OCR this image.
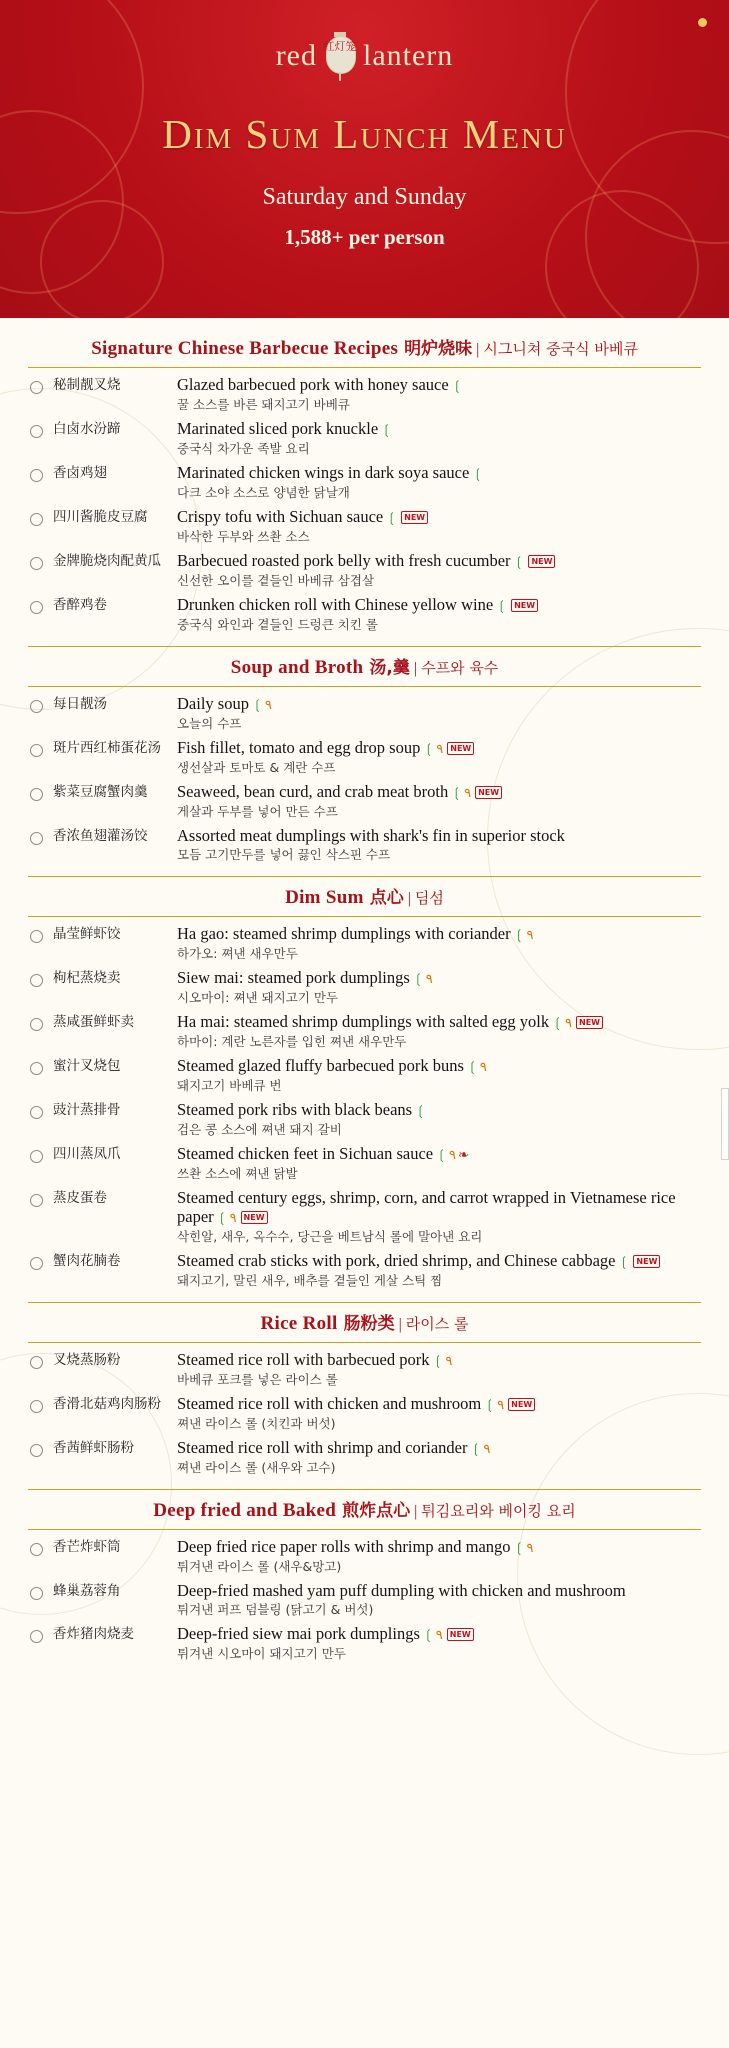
red 红灯笼 lantern
Dim Sum Lunch Menu
Saturday and Sunday
1,588+ per person
Signature Chinese Barbecue Recipes 明炉烧味 | 시그니쳐 중국식 바베큐
秘制靓叉烧	Glazed barbecued pork with honey sauce ❲
꿀 소스를 바른 돼지고기 바베큐
白卤水汾蹄	Marinated sliced pork knuckle ❲
중국식 차가운 족발 요리
香卤鸡翅	Marinated chicken wings in dark soya sauce ❲
다크 소야 소스로 양념한 닭날개
四川酱脆皮豆腐	Crispy tofu with Sichuan sauce ❲ NEW
바삭한 두부와 쓰촨 소스
金牌脆烧肉配黄瓜 Barbecued roasted pork belly with fresh cucumber ❲ NEW
신선한 오이를 곁들인 바베큐 삼겹살
香醉鸡卷	Drunken chicken roll with Chinese yellow wine ❲ NEW
중국식 와인과 곁들인 드렁큰 치킨 롤
Soup and Broth 汤,羹 | 수프와 육수
每日靓汤	Daily soup ❲ ٩
오늘의 수프
斑片西红柿蛋花汤 Fish fillet, tomato and egg drop soup ❲ ٩ NEW
생선살과 토마토 & 계란 수프
紫菜豆腐蟹肉羹	Seaweed, bean curd, and crab meat broth ❲ ٩ NEW
게살과 두부를 넣어 만든 수프
香浓鱼翅灌汤饺	Assorted meat dumplings with shark's fin in superior stock
모듬 고기만두를 넣어 끓인 삭스핀 수프
Dim Sum 点心 | 딤섬
晶莹鲜虾饺	Ha gao: steamed shrimp dumplings with coriander ❲ ٩
하가오: 쪄낸 새우만두
枸杞蒸烧卖	Siew mai: steamed pork dumplings ❲ ٩
시오마이: 쪄낸 돼지고기 만두
蒸咸蛋鲜虾卖	Ha mai: steamed shrimp dumplings with salted egg yolk ❲ ٩ NEW
하마이: 계란 노른자를 입힌 쪄낸 새우만두
蜜汁叉烧包	Steamed glazed fluffy barbecued pork buns ❲ ٩
돼지고기 바베큐 번
豉汁蒸排骨	Steamed pork ribs with black beans ❲
검은 콩 소스에 쪄낸 돼지 갈비
四川蒸凤爪	Steamed chicken feet in Sichuan sauce ❲ ٩ ❧
쓰촨 소스에 쪄낸 닭발
蒸皮蛋卷	Steamed century eggs, shrimp, corn, and carrot wrapped in Vietnamese rice paper ❲ ٩ NEW
삭힌알, 새우, 옥수수, 당근을 베트남식 롤에 말아낸 요리
蟹肉花腩卷	Steamed crab sticks with pork, dried shrimp, and Chinese cabbage ❲ NEW
돼지고기, 말린 새우, 배추를 곁들인 게살 스틱 찜
Rice Roll 肠粉类 | 라이스 롤
叉烧蒸肠粉	Steamed rice roll with barbecued pork ❲ ٩
바베큐 포크를 넣은 라이스 롤
香滑北菇鸡肉肠粉 Steamed rice roll with chicken and mushroom ❲ ٩ NEW
쪄낸 라이스 롤 (치킨과 버섯)
香茜鲜虾肠粉	Steamed rice roll with shrimp and coriander ❲ ٩
쪄낸 라이스 롤 (새우와 고수)
Deep fried and Baked 煎炸点心 | 튀김요리와 베이킹 요리
香芒炸虾筒	Deep fried rice paper rolls with shrimp and mango ❲ ٩
튀겨낸 라이스 롤 (새우&망고)
蜂巢荔蓉角	Deep-fried mashed yam puff dumpling with chicken and mushroom
튀겨낸 퍼프 덤블링 (닭고기 & 버섯)
香炸猪肉烧麦	Deep-fried siew mai pork dumplings ❲ ٩ NEW
튀겨낸 시오마이 돼지고기 만두
